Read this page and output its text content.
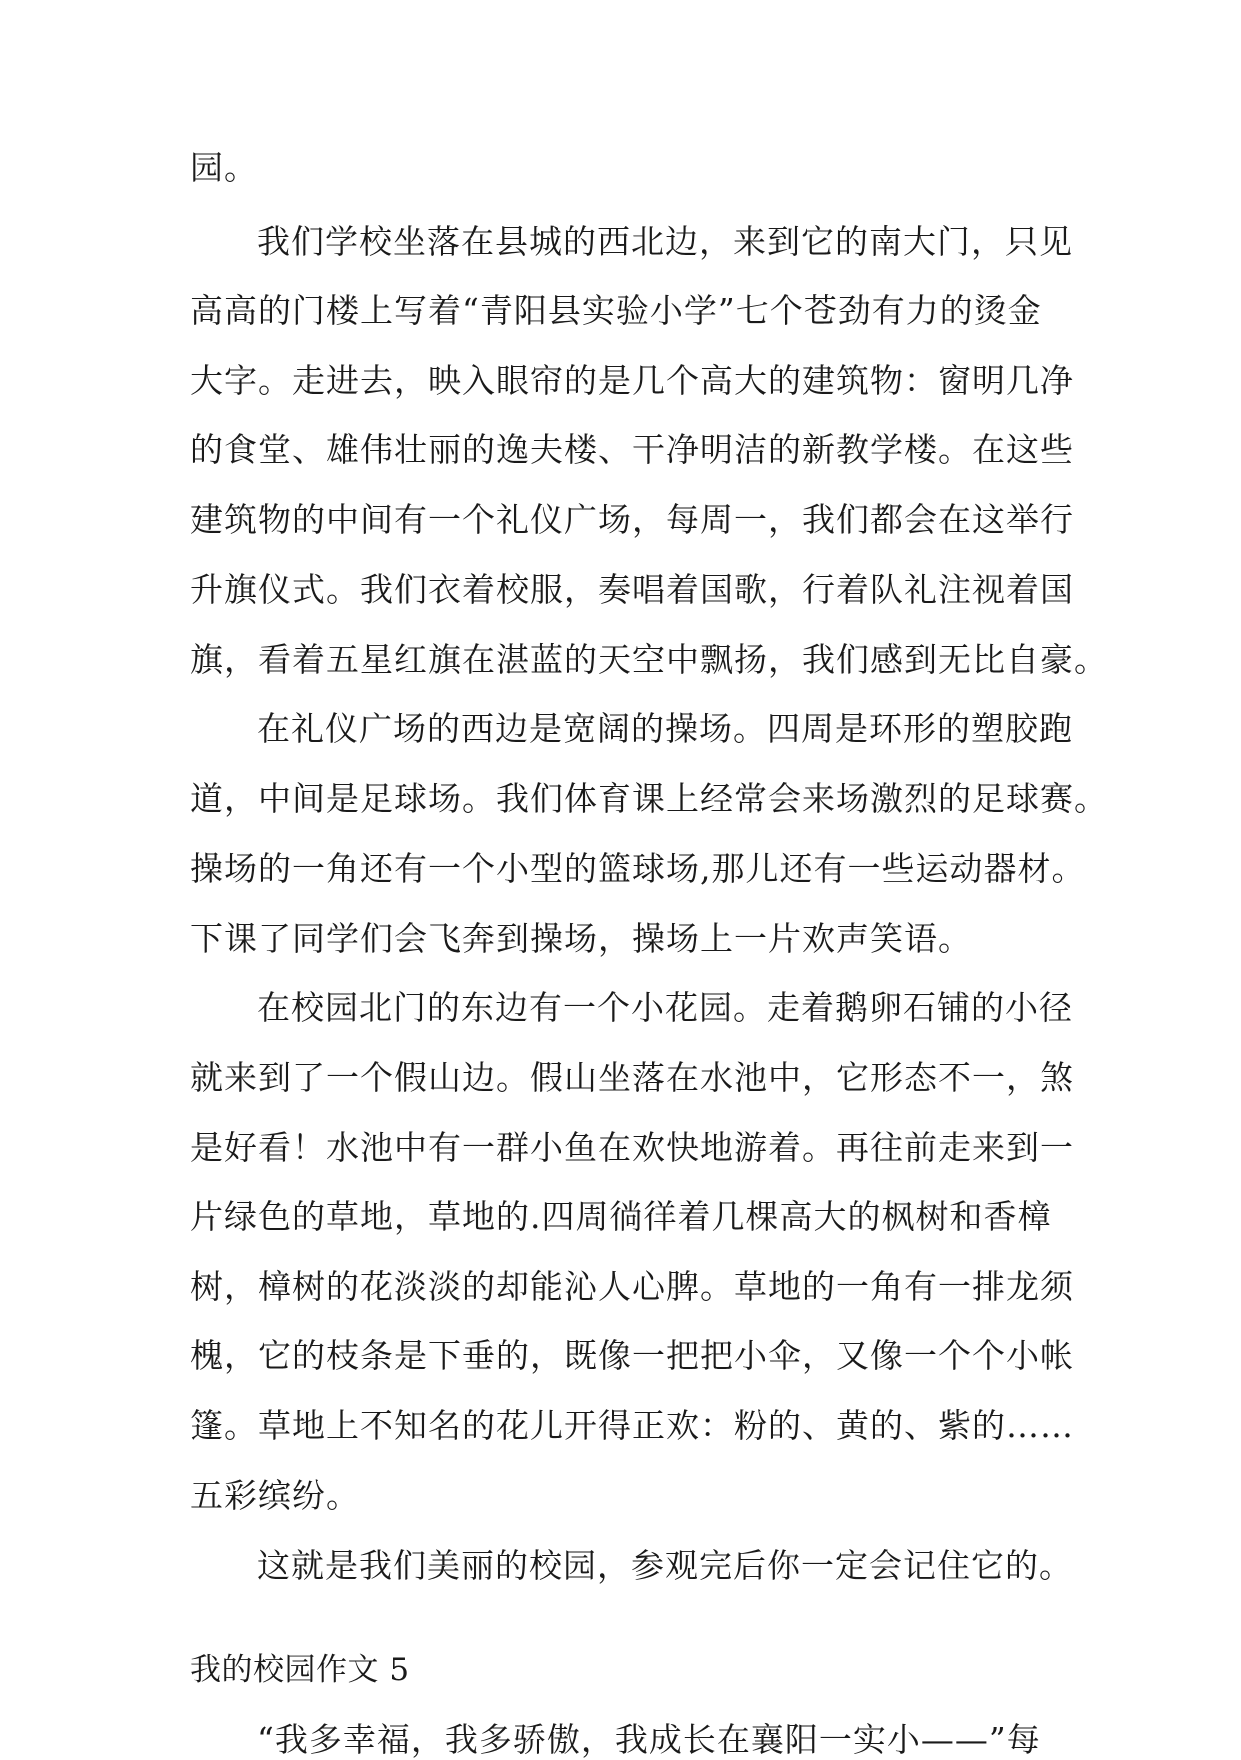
园。
我们学校坐落在县城的西北边，来到它的南大门，只见
高高的门楼上写着“青阳县实验小学”七个苍劲有力的烫金
大字。走进去，映入眼帘的是几个高大的建筑物：窗明几净
的食堂、雄伟壮丽的逸夫楼、干净明洁的新教学楼。在这些
建筑物的中间有一个礼仪广场，每周一，我们都会在这举行
升旗仪式。我们衣着校服，奏唱着国歌，行着队礼注视着国
旗，看着五星红旗在湛蓝的天空中飘扬，我们感到无比自豪。
在礼仪广场的西边是宽阔的操场。四周是环形的塑胶跑
道，中间是足球场。我们体育课上经常会来场激烈的足球赛。
操场的一角还有一个小型的篮球场,那儿还有一些运动器材。
下课了同学们会飞奔到操场，操场上一片欢声笑语。
在校园北门的东边有一个小花园。走着鹅卵石铺的小径
就来到了一个假山边。假山坐落在水池中，它形态不一，煞
是好看！水池中有一群小鱼在欢快地游着。再往前走来到一
片绿色的草地，草地的.四周徜徉着几棵高大的枫树和香樟
树，樟树的花淡淡的却能沁人心脾。草地的一角有一排龙须
槐，它的枝条是下垂的，既像一把把小伞，又像一个个小帐
篷。草地上不知名的花儿开得正欢：粉的、黄的、紫的……
五彩缤纷。
这就是我们美丽的校园，参观完后你一定会记住它的。
我的校园作文 5
“我多幸福，我多骄傲，我成长在襄阳一实小——”每
